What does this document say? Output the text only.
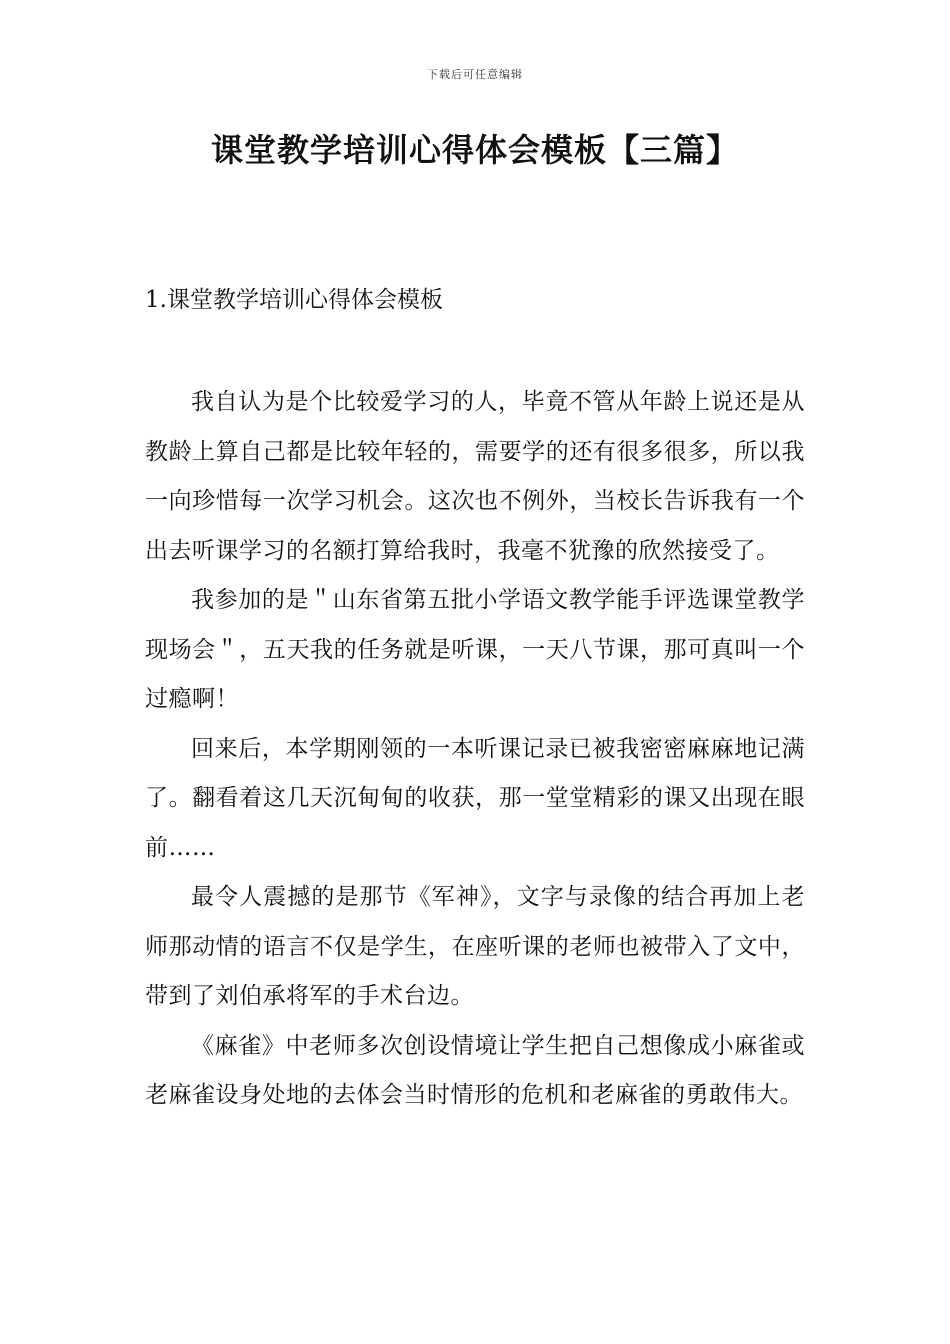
下载后可任意编辑
课堂教学培训心得体会模板【三篇】
1.课堂教学培训心得体会模板

我自认为是个比较爱学习的人，毕竟不管从年龄上说还是从教龄上算自己都是比较年轻的，需要学的还有很多很多，所以我一向珍惜每一次学习机会。这次也不例外，当校长告诉我有一个出去听课学习的名额打算给我时，我毫不犹豫的欣然接受了。

我参加的是＂山东省第五批小学语文教学能手评选课堂教学现场会＂，五天我的任务就是听课，一天八节课，那可真叫一个过瘾啊！

回来后，本学期刚领的一本听课记录已被我密密麻麻地记满了。翻看着这几天沉甸甸的收获，那一堂堂精彩的课又出现在眼前……

最令人震撼的是那节《军神》，文字与录像的结合再加上老师那动情的语言不仅是学生，在座听课的老师也被带入了文中，带到了刘伯承将军的手术台边。

《麻雀》中老师多次创设情境让学生把自己想像成小麻雀或老麻雀设身处地的去体会当时情形的危机和老麻雀的勇敢伟大。
